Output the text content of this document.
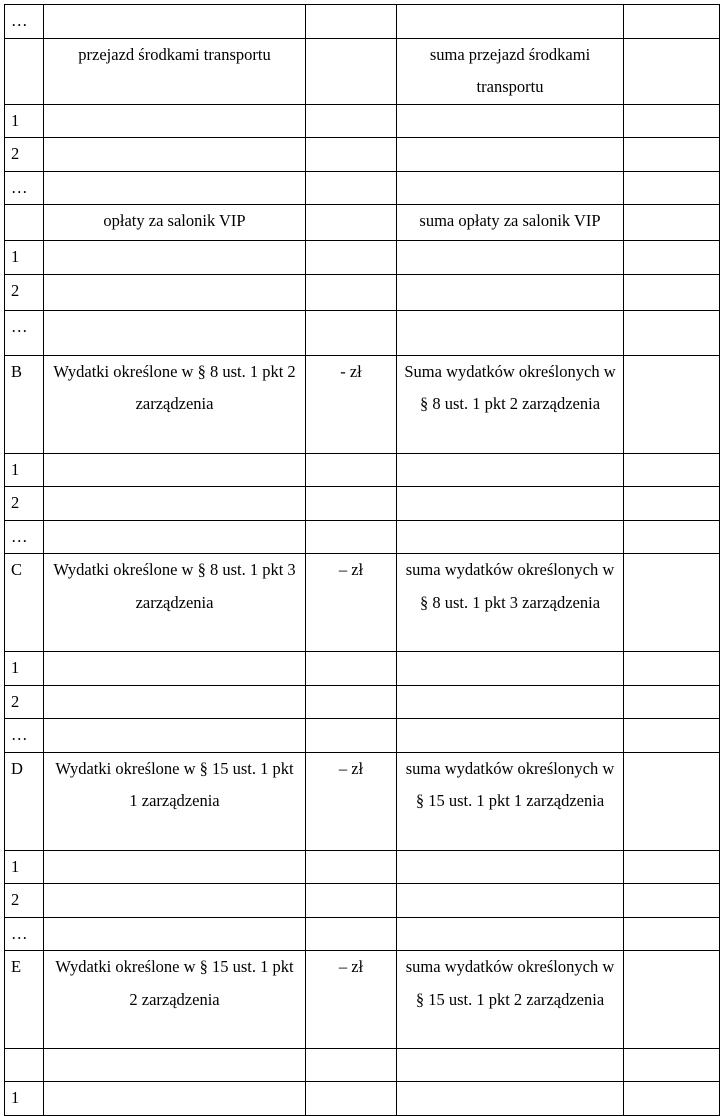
…				
	przejazd środkami transportu		suma przejazd środkami transportu	
1				
2				
…				
	opłaty za salonik VIP		suma opłaty za salonik VIP	
1				
2				
…				
B	Wydatki określone w § 8 ust. 1 pkt 2 zarządzenia	- zł	Suma wydatków określonych w § 8 ust. 1 pkt 2 zarządzenia	
1				
2				
…				
C	Wydatki określone w § 8 ust. 1 pkt 3 zarządzenia	– zł	suma wydatków określonych w § 8 ust. 1 pkt 3 zarządzenia	
1				
2				
…				
D	Wydatki określone w § 15 ust. 1 pkt 1 zarządzenia	– zł	suma wydatków określonych w § 15 ust. 1 pkt 1 zarządzenia	
1				
2				
…				
E	Wydatki określone w § 15 ust. 1 pkt 2 zarządzenia	– zł	suma wydatków określonych w § 15 ust. 1 pkt 2 zarządzenia	

1				
